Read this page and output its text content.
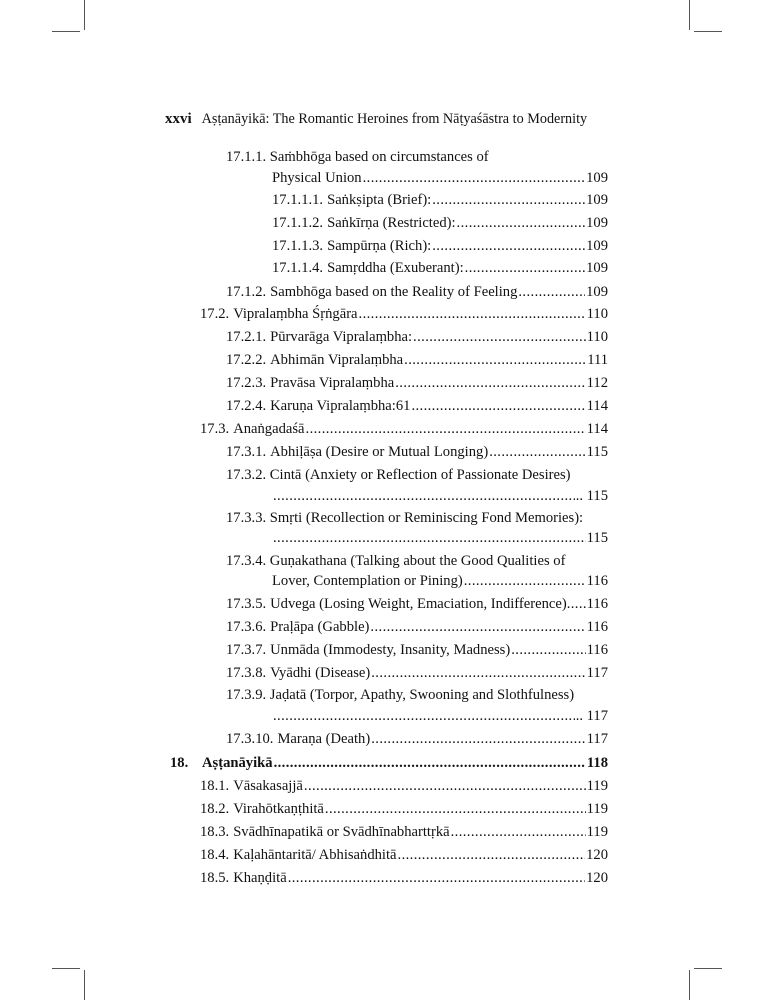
xxvi Aṣṭanāyikā: The Romantic Heroines from Nāṭyaśāstra to Modernity
17.1.1. Saṁbhōga based on circumstances of
Physical Union .....	109
17.1.1.1. Saṅkṣipta (Brief): .....	109
17.1.1.2. Saṅkīrṇa (Restricted): .....	109
17.1.1.3. Sampūrṇa (Rich): .....	109
17.1.1.4. Samṛddha (Exuberant): .....	109
17.1.2. Sambhōga based on the Reality of Feeling .....	109
17.2. Vipralaṃbha Śṛṅgāra .....	110
17.2.1. Pūrvarāga Vipralaṃbha: .....	110
17.2.2. Abhimān Vipralaṃbha .....	111
17.2.3. Pravāsa Vipralaṃbha .....	112
17.2.4. Karuṇa Vipralaṃbha:61 .....	114
17.3. Anaṅgadaśā .....	114
17.3.1. Abhiḷāṣa (Desire or Mutual Longing) .....	115
17.3.2. Cintā (Anxiety or Reflection of Passionate Desires)
.....
.. 115
17.3.3. Smṛti (Recollection or Reminiscing Fond Memories):
.....
115
17.3.4. Guṇakathana (Talking about the Good Qualities of
Lover, Contemplation or Pining) .....	116
17.3.5. Udvega (Losing Weight, Emaciation, Indifference) ..... 116
17.3.6. Praḷāpa (Gabble) .....	116
17.3.7. Unmāda (Immodesty, Insanity, Madness) .....	116
17.3.8. Vyādhi (Disease) .....	117
17.3.9. Jaḍatā (Torpor, Apathy, Swooning and Slothfulness)
.....
.. 117
17.3.10. Maraṇa (Death) .....	117
18. Aṣṭanāyikā .....	118
18.1. Vāsakasajjā .....	119
18.2. Virahōtkaṇṭhitā .....	119
18.3. Svādhīnapatikā or Svādhīnabharttṛkā .....	119
18.4. Kaḷahāntaritā/ Abhisaṅdhitā .....	120
18.5. Khaṇḍitā .....	120
